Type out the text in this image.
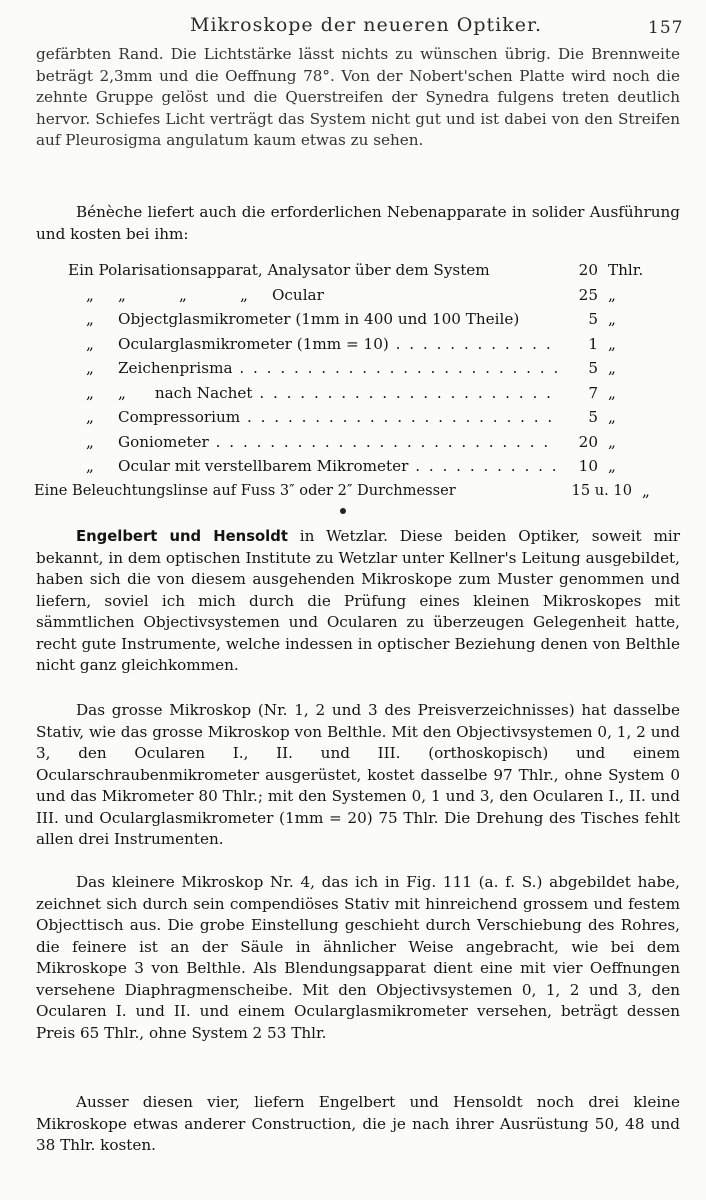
Mikroskope der neueren Optiker.	157

gefärbten Rand. Die Lichtstärke lässt nichts zu wünschen übrig. Die Brennweite beträgt 2,3mm und die Oeffnung 78°. Von der Nobert'schen Platte wird noch die zehnte Gruppe gelöst und die Querstreifen der Synedra fulgens treten deutlich hervor. Schiefes Licht verträgt das System nicht gut und ist dabei von den Streifen auf Pleurosigma angulatum kaum etwas zu sehen.

Bénèche liefert auch die erforderlichen Nebenapparate in solider Ausführung und kosten bei ihm:

Ein Polarisationsapparat, Analysator über dem System	20 Thlr.
„	„           „           „     Ocular	25 „
„	Objectglasmikrometer (1mm in 400 und 100 Theile)	5 „
„	Ocularglasmikrometer (1mm = 10) . . .	1 „
„	Zeichenprisma . . .	5 „
„	„      nach Nachet . . .	7 „
„	Compressorium . . .	5 „
„	Goniometer . . .	20 „
„	Ocular mit verstellbarem Mikrometer . . .	10 „
Eine Beleuchtungslinse auf Fuss 3″ oder 2″ Durchmesser	15 u. 10 „

Engelbert und Hensoldt in Wetzlar. Diese beiden Optiker, soweit mir bekannt, in dem optischen Institute zu Wetzlar unter Kellner's Leitung ausgebildet, haben sich die von diesem ausgehenden Mikroskope zum Muster genommen und liefern, soviel ich mich durch die Prüfung eines kleinen Mikroskopes mit sämmtlichen Objectivsystemen und Ocularen zu überzeugen Gelegenheit hatte, recht gute Instrumente, welche indessen in optischer Beziehung denen von Belthle nicht ganz gleichkommen.

Das grosse Mikroskop (Nr. 1, 2 und 3 des Preisverzeichnisses) hat dasselbe Stativ, wie das grosse Mikroskop von Belthle. Mit den Objectivsystemen 0, 1, 2 und 3, den Ocularen I., II. und III. (orthoskopisch) und einem Ocularschraubenmikrometer ausgerüstet, kostet dasselbe 97 Thlr., ohne System 0 und das Mikrometer 80 Thlr.; mit den Systemen 0, 1 und 3, den Ocularen I., II. und III. und Ocularglasmikrometer (1mm = 20) 75 Thlr. Die Drehung des Tisches fehlt allen drei Instrumenten.

Das kleinere Mikroskop Nr. 4, das ich in Fig. 111 (a. f. S.) abgebildet habe, zeichnet sich durch sein compendiöses Stativ mit hinreichend grossem und festem Objecttisch aus. Die grobe Einstellung geschieht durch Verschiebung des Rohres, die feinere ist an der Säule in ähnlicher Weise angebracht, wie bei dem Mikroskope 3 von Belthle. Als Blendungsapparat dient eine mit vier Oeffnungen versehene Diaphragmenscheibe. Mit den Objectivsystemen 0, 1, 2 und 3, den Ocularen I. und II. und einem Ocularglasmikrometer versehen, beträgt dessen Preis 65 Thlr., ohne System 2 53 Thlr.

Ausser diesen vier, liefern Engelbert und Hensoldt noch drei kleine Mikroskope etwas anderer Construction, die je nach ihrer Ausrüstung 50, 48 und 38 Thlr. kosten.
